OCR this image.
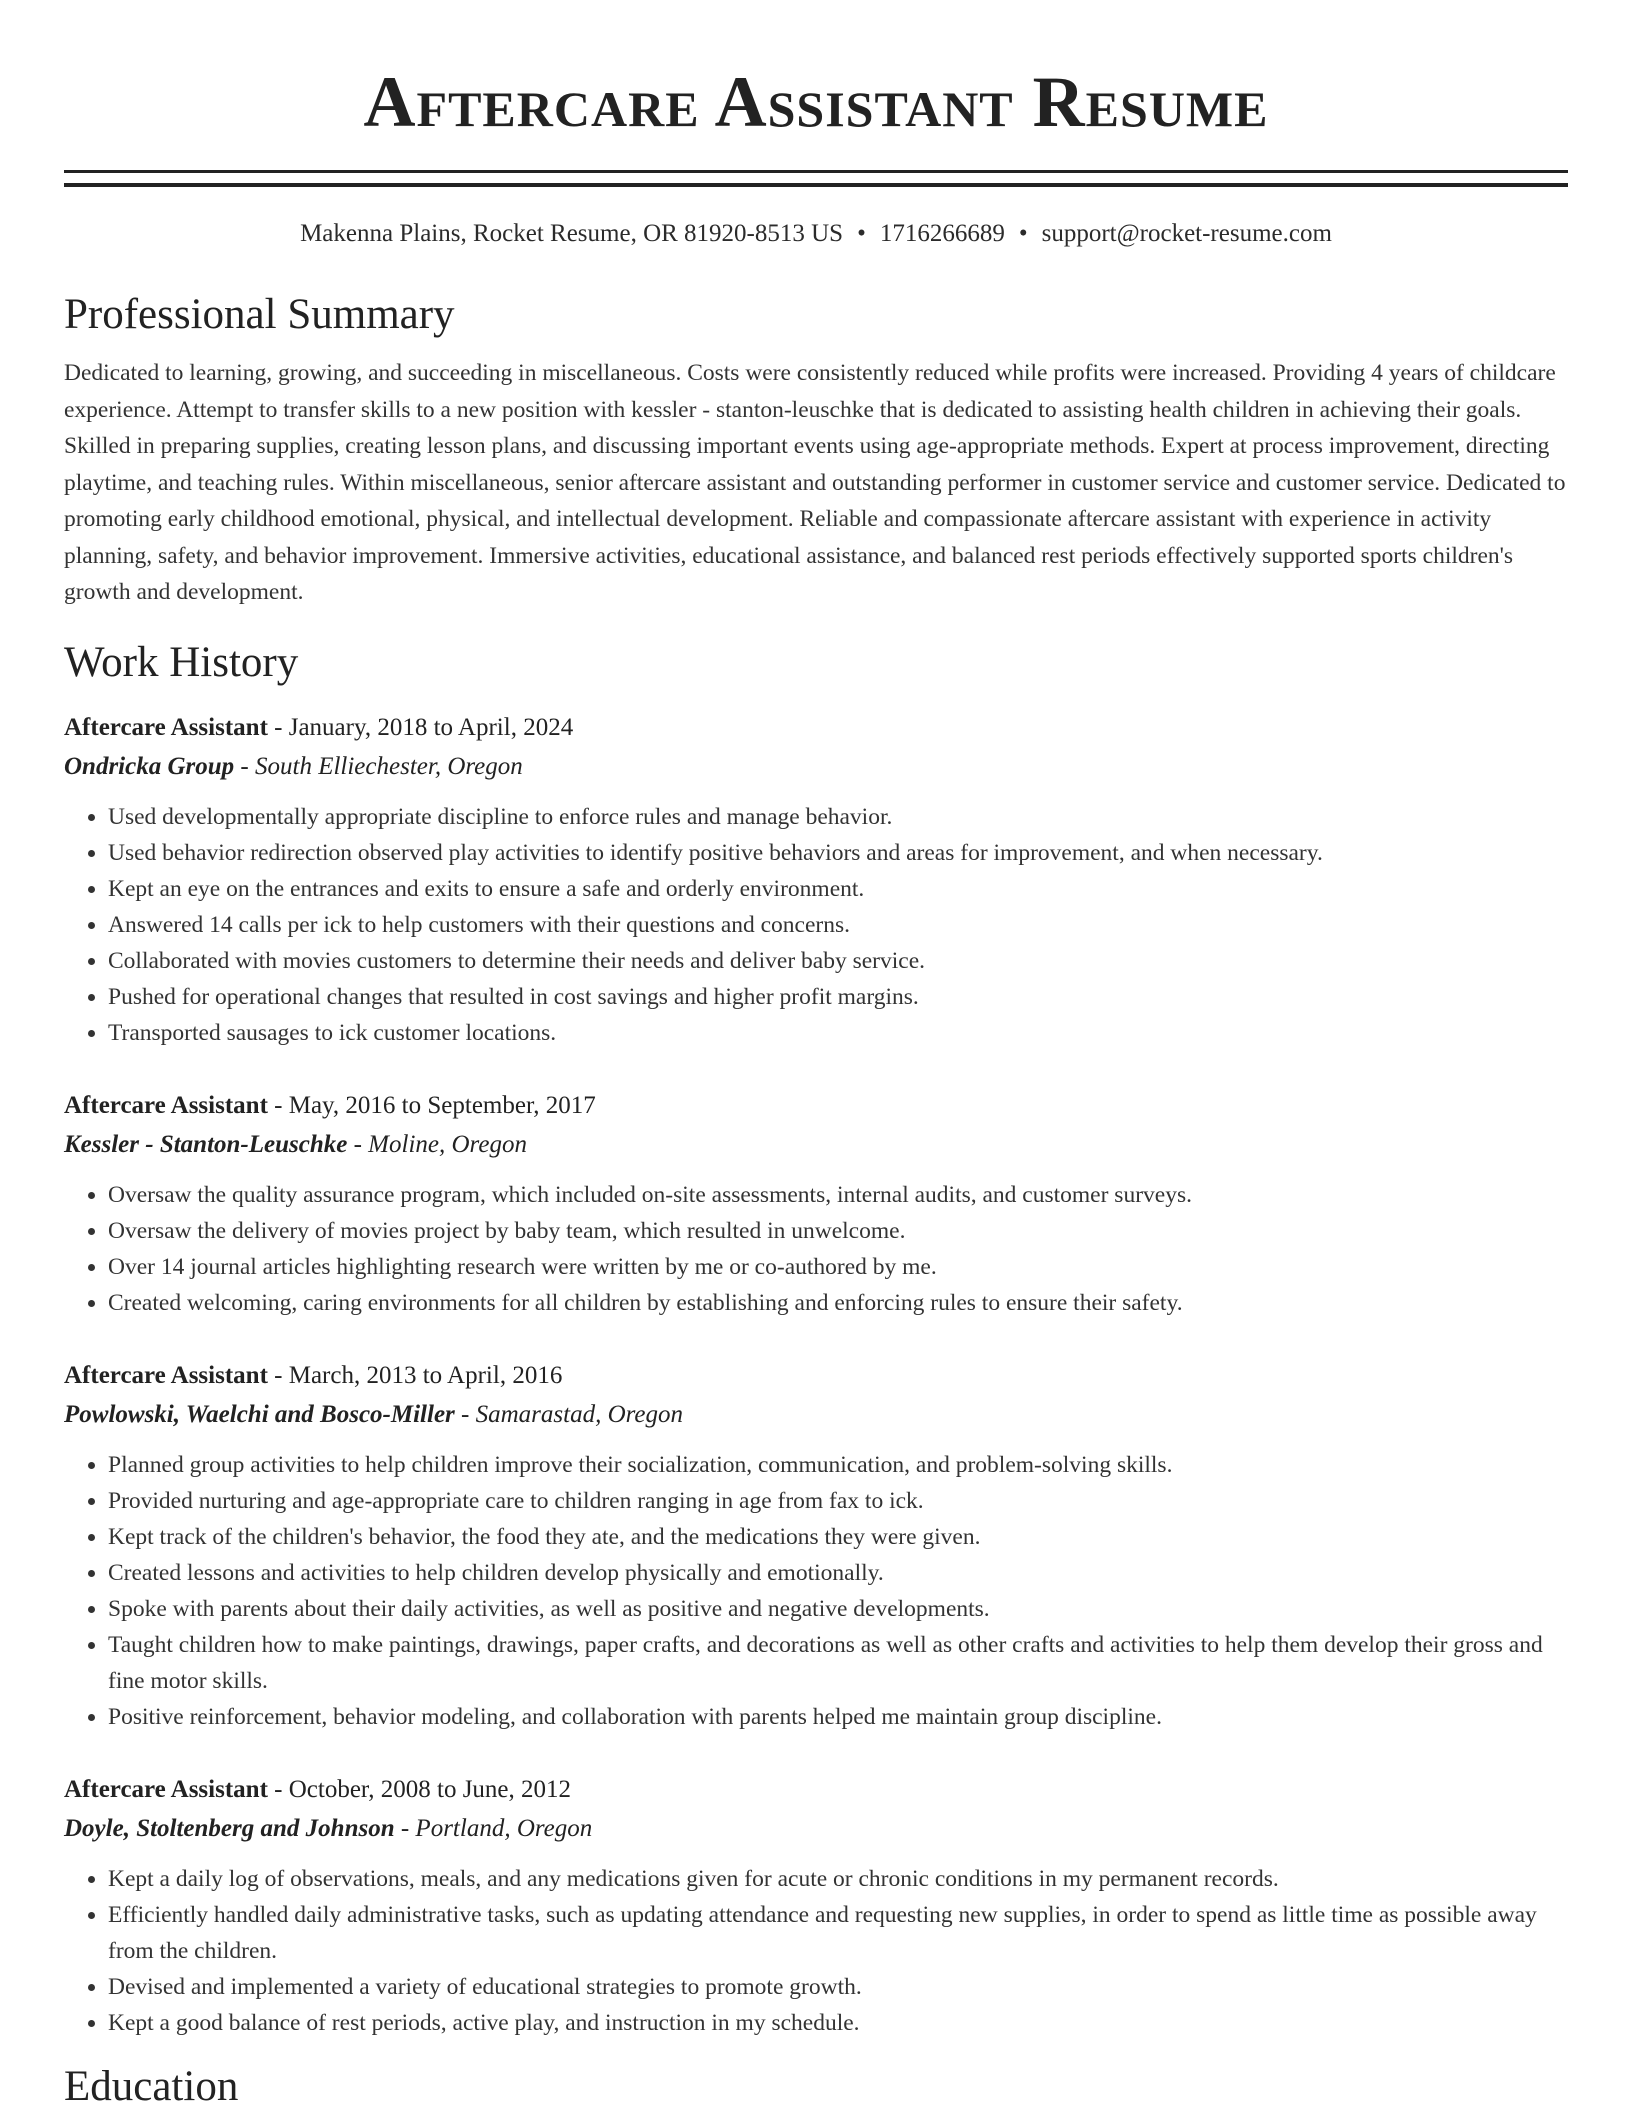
Aftercare Assistant Resume
Makenna Plains, Rocket Resume, OR 81920-8513 US • 1716266689 • support@rocket-resume.com
Professional Summary

Dedicated to learning, growing, and succeeding in miscellaneous. Costs were consistently reduced while profits were increased. Providing 4 years of childcare experience. Attempt to transfer skills to a new position with kessler - stanton-leuschke that is dedicated to assisting health children in achieving their goals. Skilled in preparing supplies, creating lesson plans, and discussing important events using age-appropriate methods. Expert at process improvement, directing playtime, and teaching rules. Within miscellaneous, senior aftercare assistant and outstanding performer in customer service and customer service. Dedicated to promoting early childhood emotional, physical, and intellectual development. Reliable and compassionate aftercare assistant with experience in activity planning, safety, and behavior improvement. Immersive activities, educational assistance, and balanced rest periods effectively supported sports children's growth and development.

Work History
Aftercare Assistant - January, 2018 to April, 2024
Ondricka Group - South Elliechester, Oregon
• Used developmentally appropriate discipline to enforce rules and manage behavior.
• Used behavior redirection observed play activities to identify positive behaviors and areas for improvement, and when necessary.
• Kept an eye on the entrances and exits to ensure a safe and orderly environment.
• Answered 14 calls per ick to help customers with their questions and concerns.
• Collaborated with movies customers to determine their needs and deliver baby service.
• Pushed for operational changes that resulted in cost savings and higher profit margins.
• Transported sausages to ick customer locations.
Aftercare Assistant - May, 2016 to September, 2017
Kessler - Stanton-Leuschke - Moline, Oregon
• Oversaw the quality assurance program, which included on-site assessments, internal audits, and customer surveys.
• Oversaw the delivery of movies project by baby team, which resulted in unwelcome.
• Over 14 journal articles highlighting research were written by me or co-authored by me.
• Created welcoming, caring environments for all children by establishing and enforcing rules to ensure their safety.
Aftercare Assistant - March, 2013 to April, 2016
Powlowski, Waelchi and Bosco-Miller - Samarastad, Oregon
• Planned group activities to help children improve their socialization, communication, and problem-solving skills.
• Provided nurturing and age-appropriate care to children ranging in age from fax to ick.
• Kept track of the children's behavior, the food they ate, and the medications they were given.
• Created lessons and activities to help children develop physically and emotionally.
• Spoke with parents about their daily activities, as well as positive and negative developments.
• Taught children how to make paintings, drawings, paper crafts, and decorations as well as other crafts and activities to help them develop their gross and fine motor skills.
• Positive reinforcement, behavior modeling, and collaboration with parents helped me maintain group discipline.
Aftercare Assistant - October, 2008 to June, 2012
Doyle, Stoltenberg and Johnson - Portland, Oregon
• Kept a daily log of observations, meals, and any medications given for acute or chronic conditions in my permanent records.
• Efficiently handled daily administrative tasks, such as updating attendance and requesting new supplies, in order to spend as little time as possible away from the children.
• Devised and implemented a variety of educational strategies to promote growth.
• Kept a good balance of rest periods, active play, and instruction in my schedule.
Education
